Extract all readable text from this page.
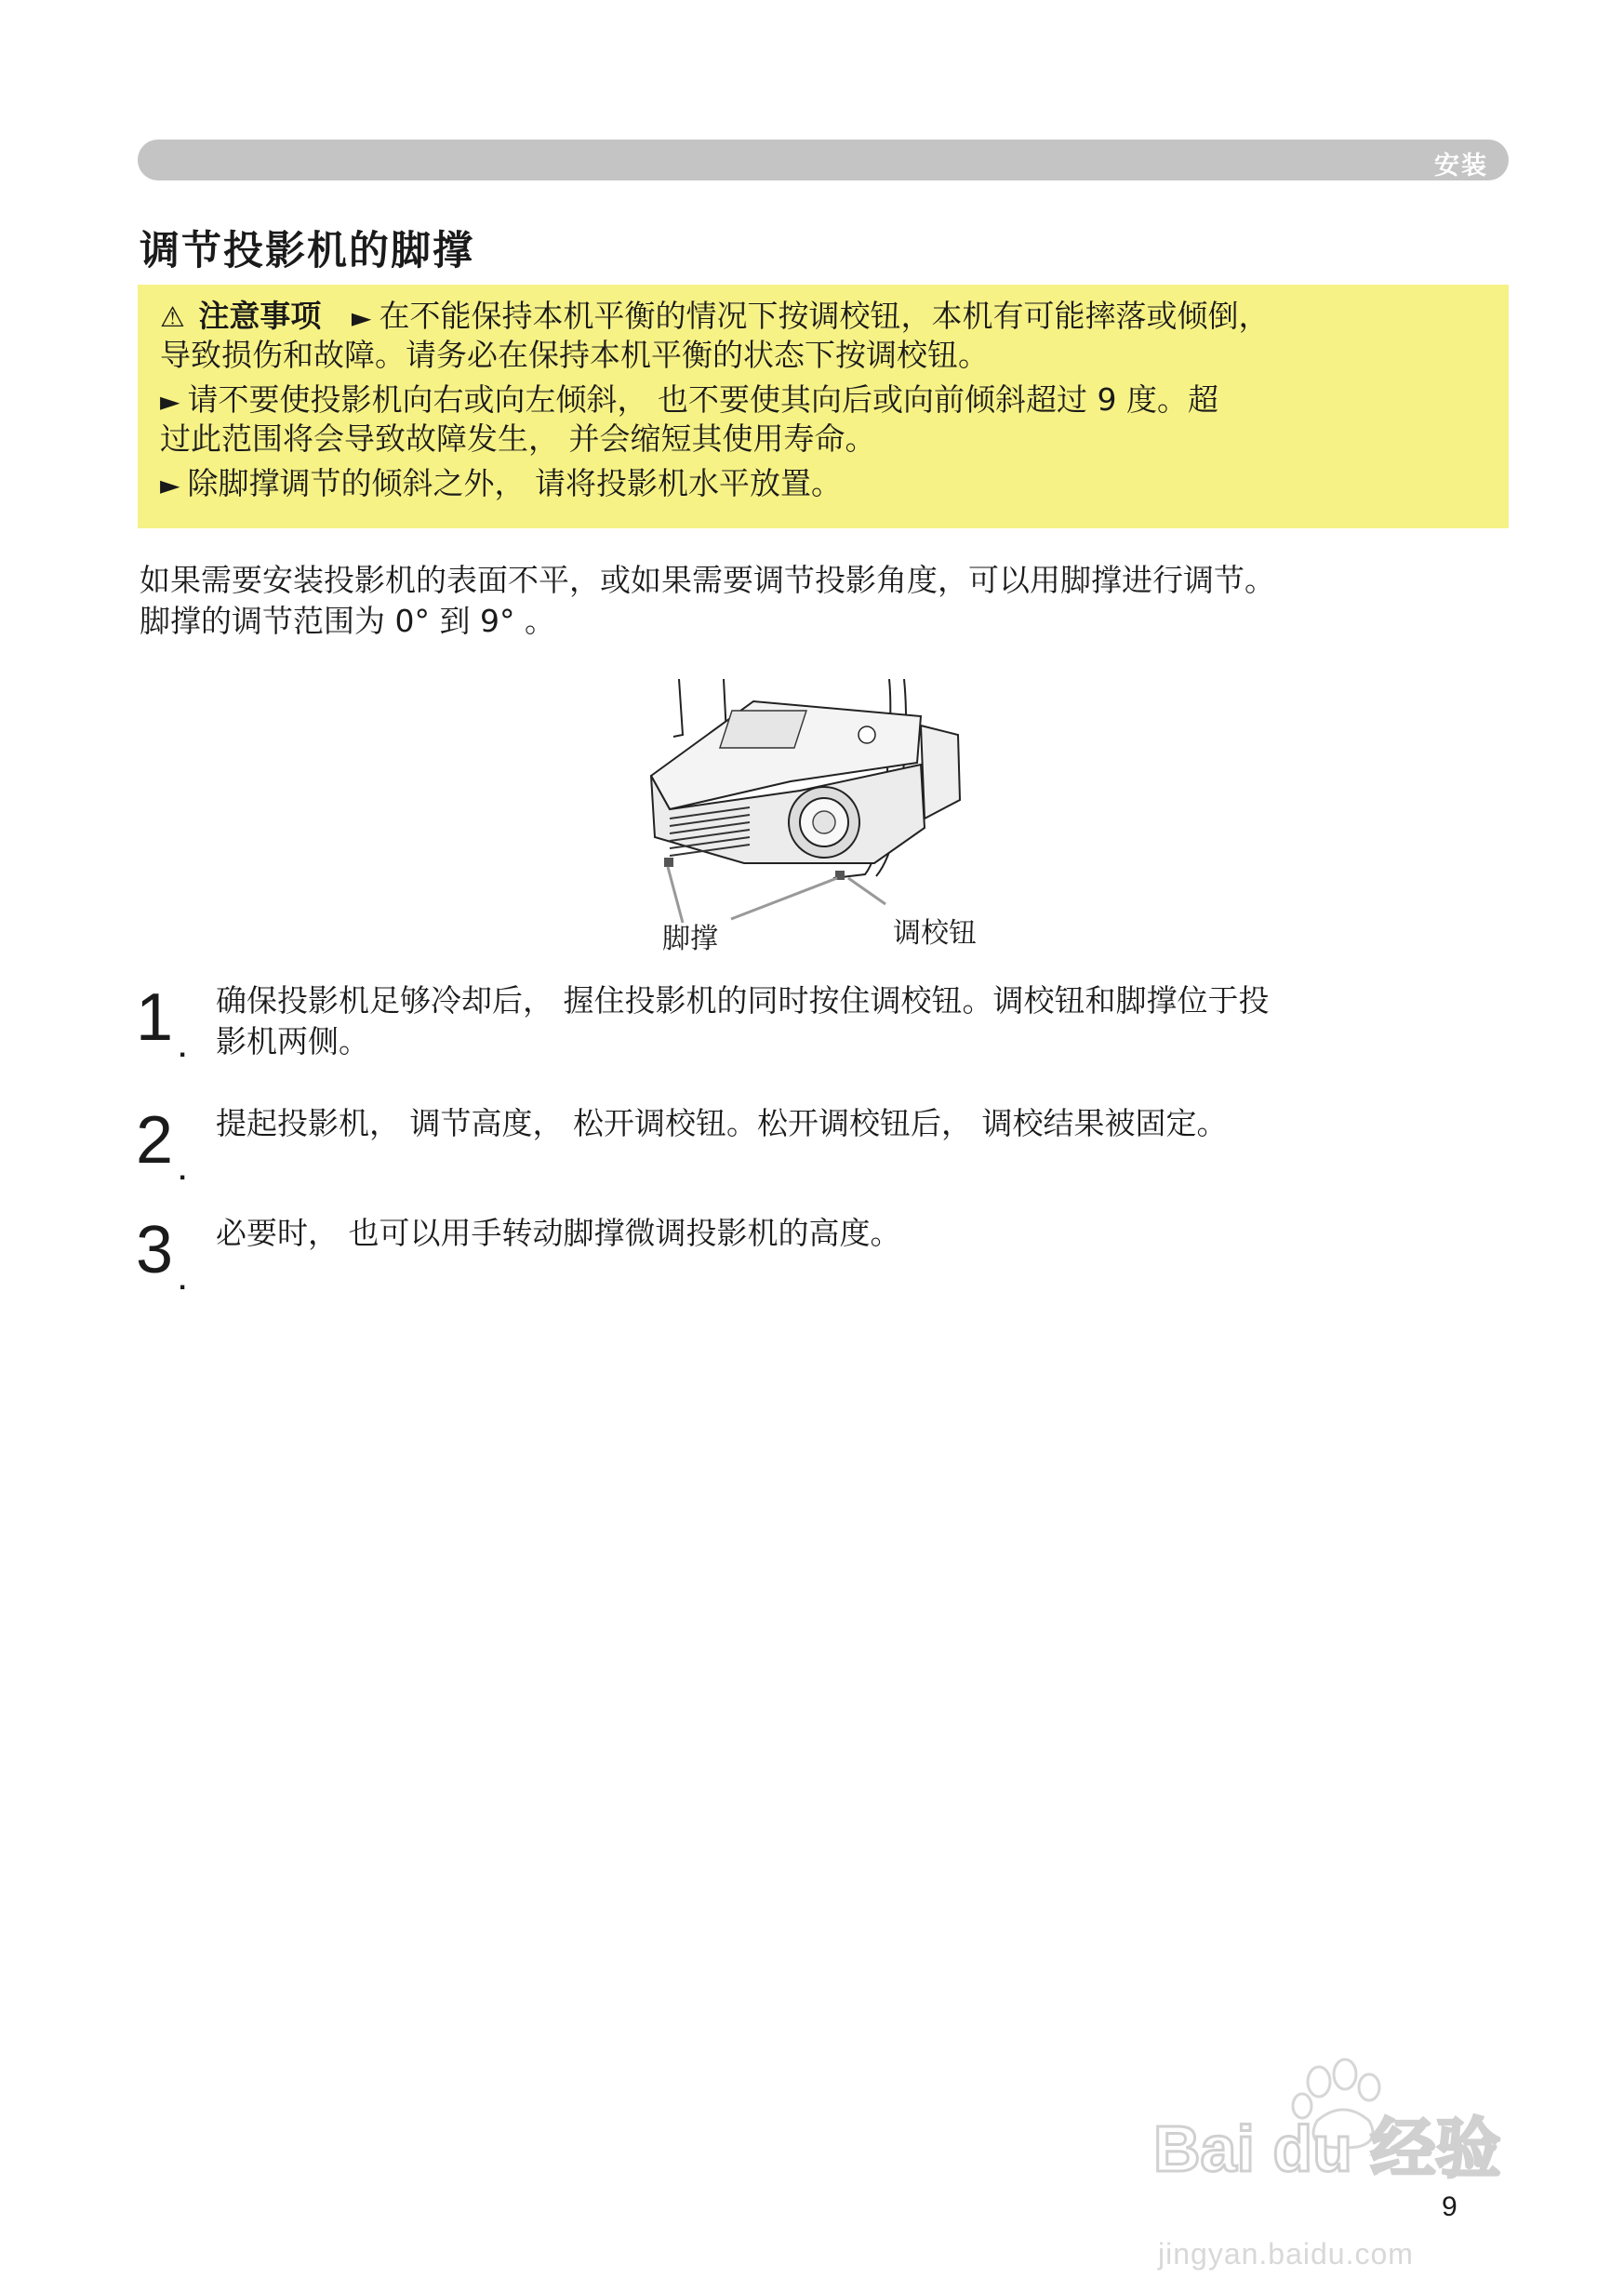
安装
调节投影机的脚撑
⚠ 注意事项 ► 在不能保持本机平衡的情况下按调校钮，本机有可能摔落或倾倒，
导致损伤和故障。请务必在保持本机平衡的状态下按调校钮。
► 请不要使投影机向右或向左倾斜， 也不要使其向后或向前倾斜超过 9 度。超
过此范围将会导致故障发生， 并会缩短其使用寿命。
► 除脚撑调节的倾斜之外， 请将投影机水平放置。
如果需要安装投影机的表面不平，或如果需要调节投影角度，可以用脚撑进行调节。
脚撑的调节范围为 0° 到 9° 。
脚撑	调校钮
1 .
确保投影机足够冷却后， 握住投影机的同时按住调校钮。调校钮和脚撑位于投
影机两侧。
2 .
提起投影机， 调节高度， 松开调校钮。松开调校钮后， 调校结果被固定。
3 .
必要时， 也可以用手转动脚撑微调投影机的高度。
Bai du 经验
jingyan.baidu.com
9
